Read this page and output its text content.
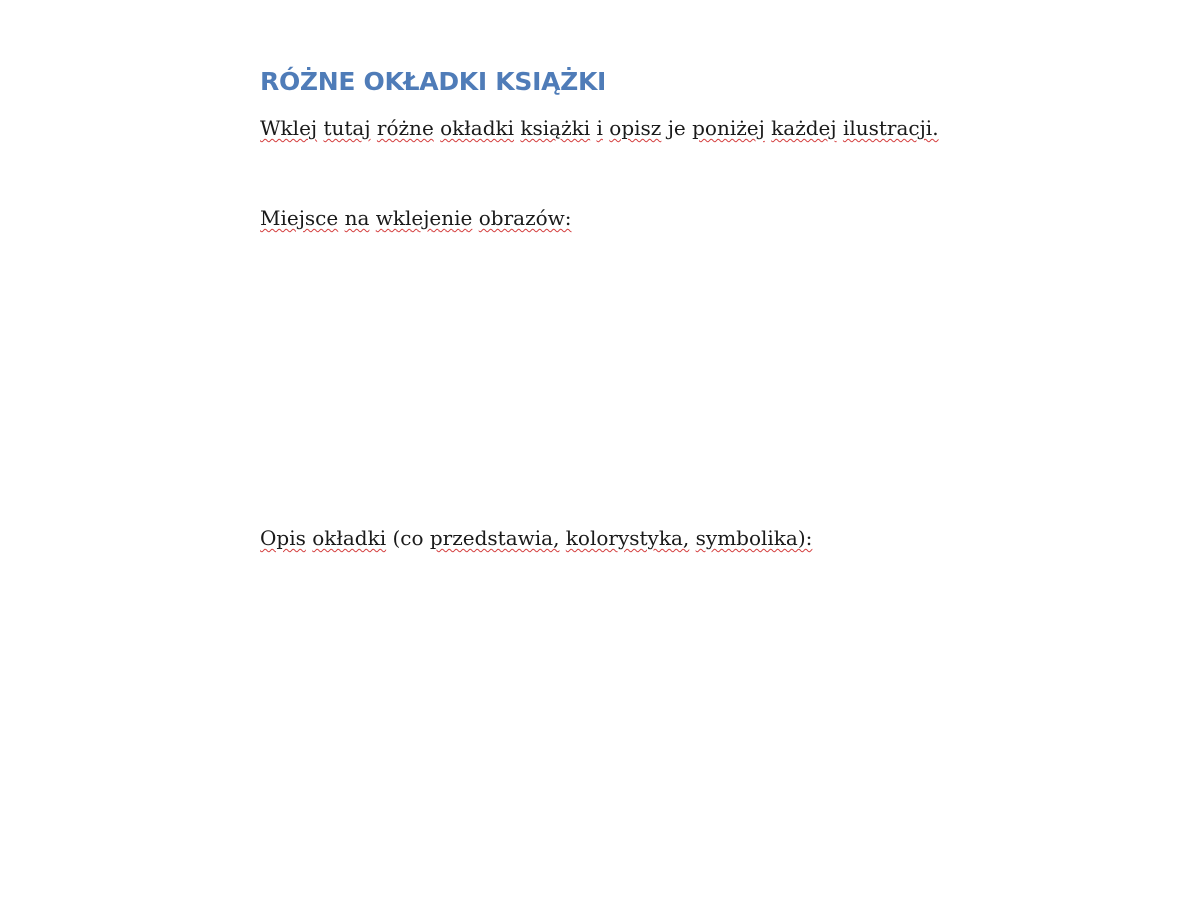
RÓŻNE OKŁADKI KSIĄŻKI

Wklej tutaj różne okładki książki i opisz je poniżej każdej ilustracji.

Miejsce na wklejenie obrazów:

Opis okładki (co przedstawia, kolorystyka, symbolika):
